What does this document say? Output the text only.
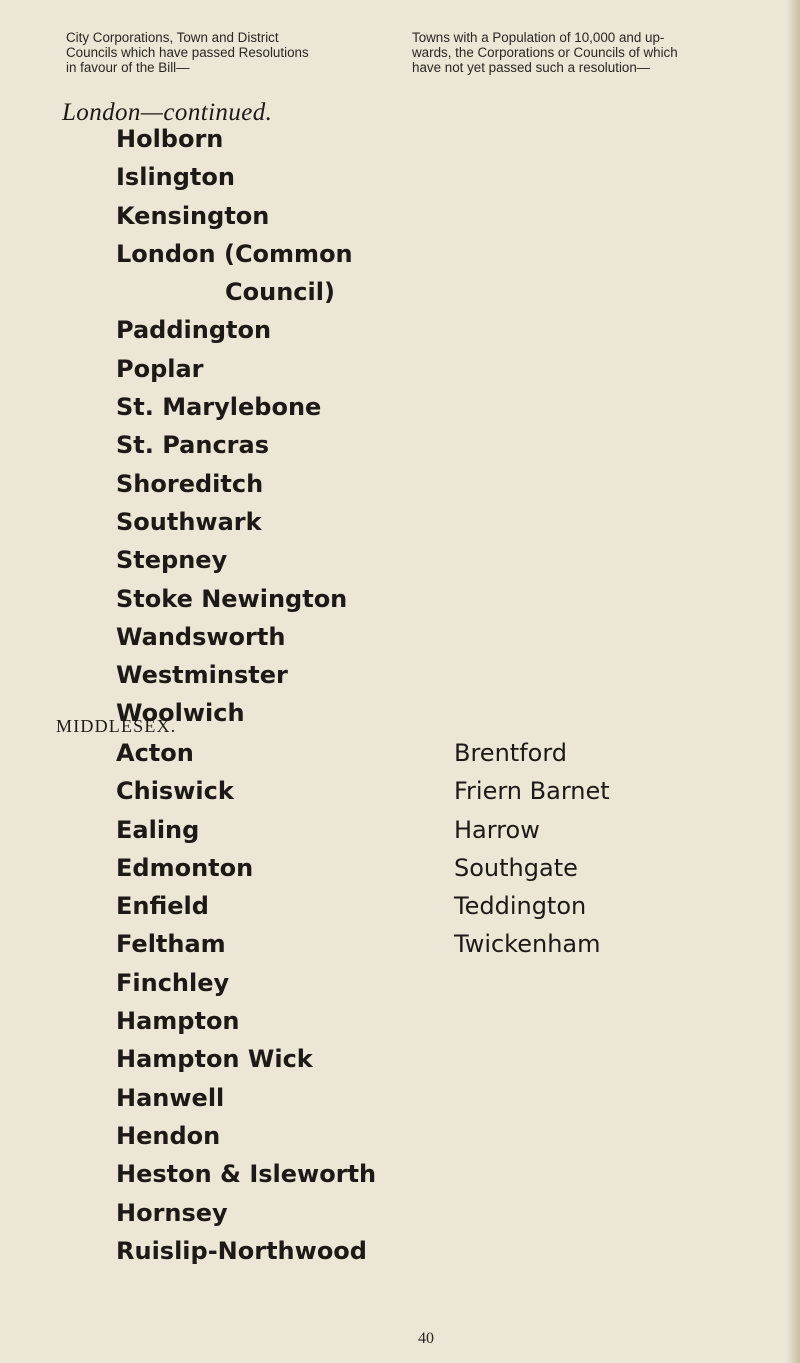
City Corporations, Town and District
Councils which have passed Resolutions
in favour of the Bill—
Towns with a Population of 10,000 and up-
wards, the Corporations or Councils of which
have not yet passed such a resolution—
London—continued.
Holborn
Islington
Kensington
London (Common
Council)
Paddington
Poplar
St. Marylebone
St. Pancras
Shoreditch
Southwark
Stepney
Stoke Newington
Wandsworth
Westminster
Woolwich
MIDDLESEX.
Acton
Chiswick
Ealing
Edmonton
Enfield
Feltham
Finchley
Hampton
Hampton Wick
Hanwell
Hendon
Heston & Isleworth
Hornsey
Ruislip-Northwood
Brentford
Friern Barnet
Harrow
Southgate
Teddington
Twickenham
40
